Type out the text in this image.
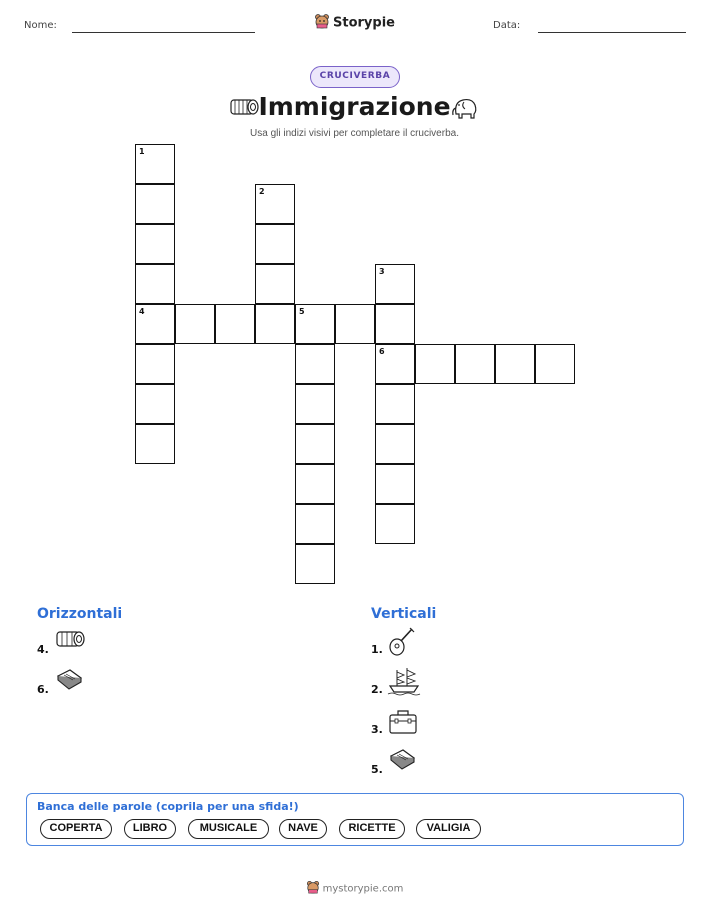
Nome:	Data:
Storypie
CRUCIVERBA
Immigrazione
Usa gli indizi visivi per completare il cruciverba.
1
4
2
3
6
5
Orizzontali
4.
6.
Verticali
1.
2.
3.
5.
Banca delle parole (coprila per una sfida!)
COPERTA	LIBRO	MUSICALE	NAVE	RICETTE	VALIGIA
mystorypie.com
